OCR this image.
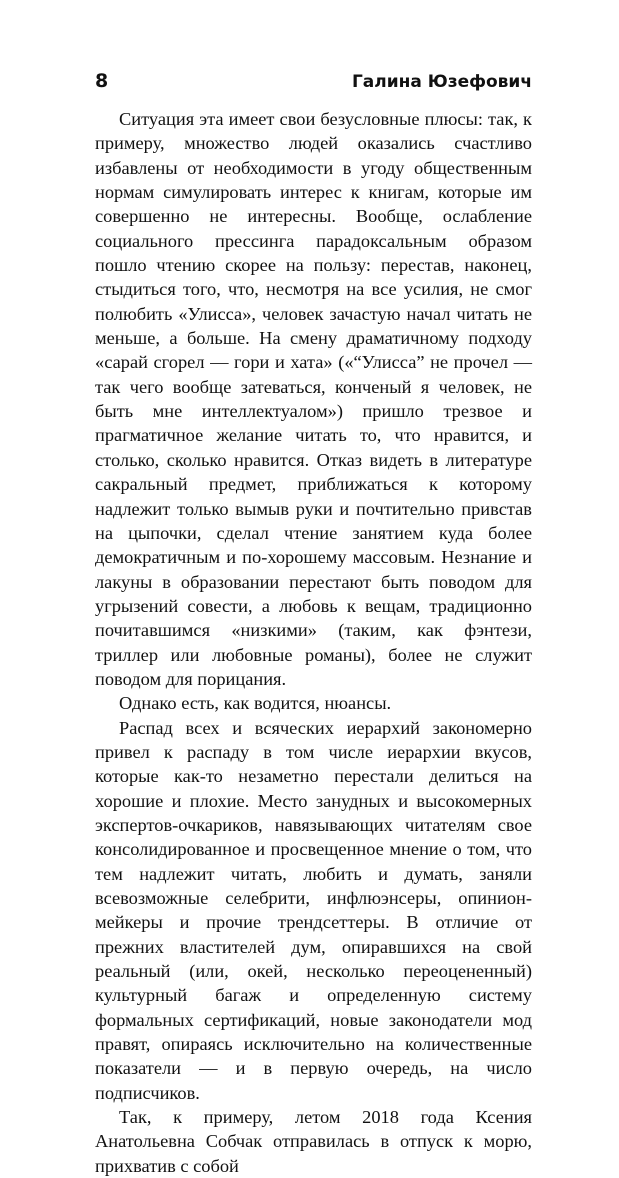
8	Галина Юзефович

Ситуация эта имеет свои безусловные плюсы: так, к примеру, множество людей оказались счастливо избавлены от необходимости в угоду общественным нормам симулировать интерес к книгам, которые им совершенно не интересны. Вообще, ослабление социального прессинга парадоксальным образом пошло чтению скорее на пользу: перестав, наконец, стыдиться того, что, несмотря на все усилия, не смог полюбить «Улисса», человек зачастую начал читать не меньше, а больше. На смену драматичному подходу «сарай сгорел — гори и хата» («“Улисса” не прочел — так чего вообще затеваться, конченый я человек, не быть мне интеллектуалом») пришло трезвое и прагматичное желание читать то, что нравится, и столько, сколько нравится. Отказ видеть в литературе сакральный предмет, приближаться к которому надлежит только вымыв руки и почтительно привстав на цыпочки, сделал чтение занятием куда более демократичным и по-хорошему массовым. Незнание и лакуны в образовании перестают быть поводом для угрызений совести, а любовь к вещам, традиционно почитавшимся «низкими» (таким, как фэнтези, триллер или любовные романы), более не служит поводом для порицания.

Однако есть, как водится, нюансы.

Распад всех и всяческих иерархий закономерно привел к распаду в том числе иерархии вкусов, которые как-то незаметно перестали делиться на хорошие и плохие. Место занудных и высокомерных экспертов-очкариков, навязывающих читателям свое консолидированное и просвещенное мнение о том, что тем надлежит читать, любить и думать, заняли всевозможные селебрити, инфлюэнсеры, опинион-мейкеры и прочие трендсеттеры. В отличие от прежних властителей дум, опиравшихся на свой реальный (или, окей, несколько переоцененный) культурный багаж и определенную систему формальных сертификаций, новые законодатели мод правят, опираясь исключительно на количественные показатели — и в первую очередь, на число подписчиков.

Так, к примеру, летом 2018 года Ксения Анатольевна Собчак отправилась в отпуск к морю, прихватив с собой
